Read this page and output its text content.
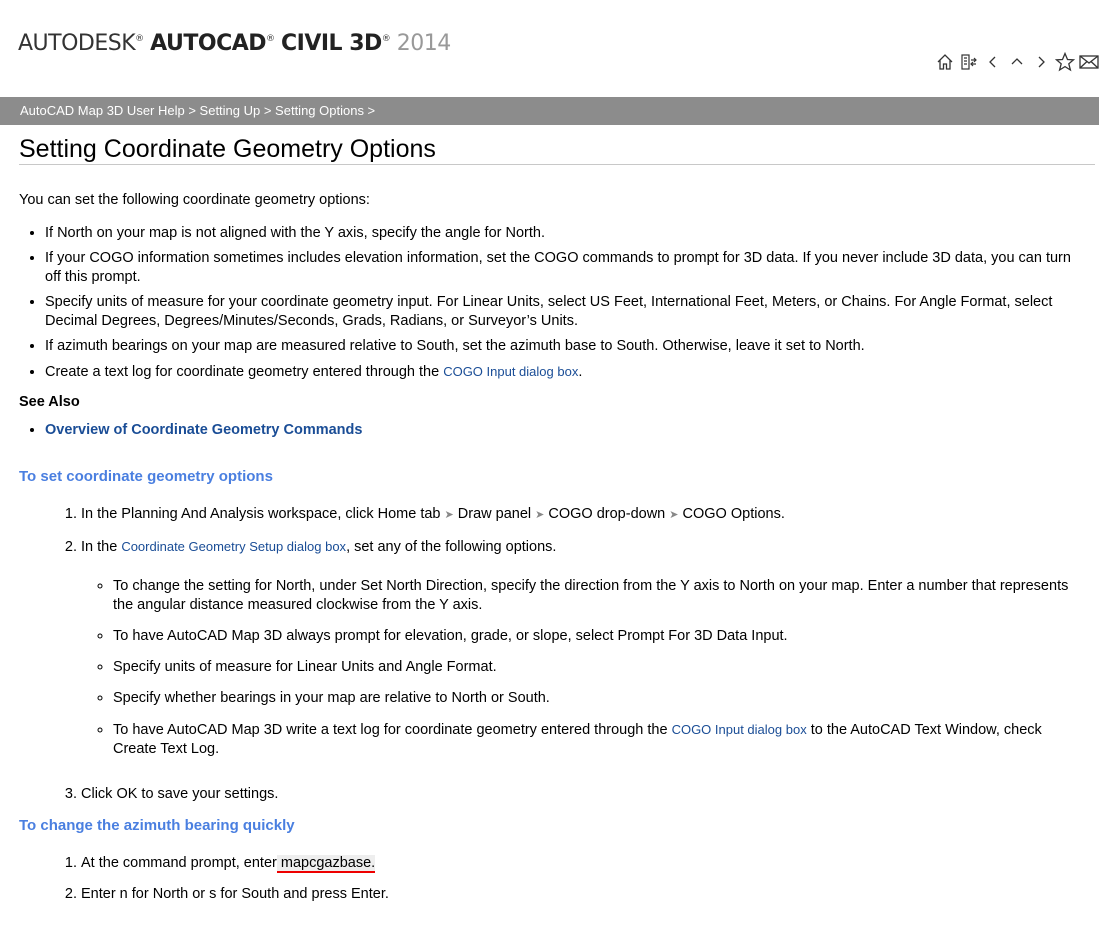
AUTODESK® AUTOCAD® CIVIL 3D® 2014
AutoCAD Map 3D User Help > Setting Up > Setting Options >
Setting Coordinate Geometry Options

You can set the following coordinate geometry options:

• If North on your map is not aligned with the Y axis, specify the angle for North.
• If your COGO information sometimes includes elevation information, set the COGO commands to prompt for 3D data. If you never include 3D data, you can turn off this prompt.
• Specify units of measure for your coordinate geometry input. For Linear Units, select US Feet, International Feet, Meters, or Chains. For Angle Format, select Decimal Degrees, Degrees/Minutes/Seconds, Grads, Radians, or Surveyor’s Units.
• If azimuth bearings on your map are measured relative to South, set the azimuth base to South. Otherwise, leave it set to North.
• Create a text log for coordinate geometry entered through the COGO Input dialog box.

See Also

• Overview of Coordinate Geometry Commands
To set coordinate geometry options
1. In the Planning And Analysis workspace, click Home tab ➤ Draw panel ➤ COGO drop-down ➤ COGO Options.
2. In the Coordinate Geometry Setup dialog box, set any of the following options.
◦ To change the setting for North, under Set North Direction, specify the direction from the Y axis to North on your map. Enter a number that represents the angular distance measured clockwise from the Y axis.
◦ To have AutoCAD Map 3D always prompt for elevation, grade, or slope, select Prompt For 3D Data Input.
◦ Specify units of measure for Linear Units and Angle Format.
◦ Specify whether bearings in your map are relative to North or South.
◦ To have AutoCAD Map 3D write a text log for coordinate geometry entered through the COGO Input dialog box to the AutoCAD Text Window, check Create Text Log.
3. Click OK to save your settings.
To change the azimuth bearing quickly
1. At the command prompt, enter mapcgazbase.
2. Enter n for North or s for South and press Enter.
